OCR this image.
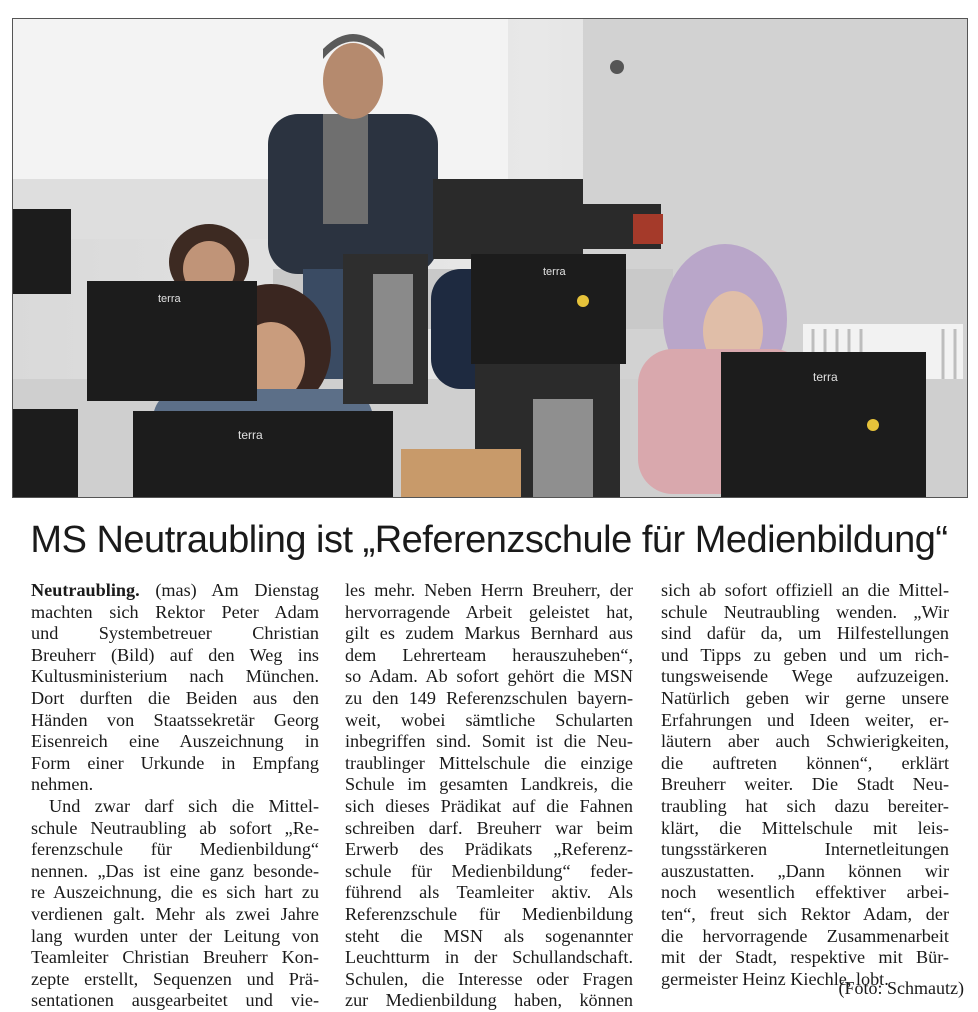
terra
terra
terra
terra
MS Neutraubling ist „Referenzschule für Medienbildung“
Neutraubling. (mas) Am Dienstag
machten sich Rektor Peter Adam
und Systembetreuer Christian
Breuherr (Bild) auf den Weg ins
Kultusministerium nach München.
Dort durften die Beiden aus den
Händen von Staatssekretär Georg
Eisenreich eine Auszeichnung in
Form einer Urkunde in Empfang
nehmen.
Und zwar darf sich die Mittel-
schule Neutraubling ab sofort „Re-
ferenzschule für Medienbildung“
nennen. „Das ist eine ganz besonde-
re Auszeichnung, die es sich hart zu
verdienen galt. Mehr als zwei Jahre
lang wurden unter der Leitung von
Teamleiter Christian Breuherr Kon-
zepte erstellt, Sequenzen und Prä-
sentationen ausgearbeitet und vie-
les mehr. Neben Herrn Breuherr, der
hervorragende Arbeit geleistet hat,
gilt es zudem Markus Bernhard aus
dem Lehrerteam herauszuheben“,
so Adam. Ab sofort gehört die MSN
zu den 149 Referenzschulen bayern-
weit, wobei sämtliche Schularten
inbegriffen sind. Somit ist die Neu-
traublinger Mittelschule die einzige
Schule im gesamten Landkreis, die
sich dieses Prädikat auf die Fahnen
schreiben darf. Breuherr war beim
Erwerb des Prädikats „Referenz-
schule für Medienbildung“ feder-
führend als Teamleiter aktiv. Als
Referenzschule für Medienbildung
steht die MSN als sogenannter
Leuchtturm in der Schullandschaft.
Schulen, die Interesse oder Fragen
zur Medienbildung haben, können
sich ab sofort offiziell an die Mittel-
schule Neutraubling wenden. „Wir
sind dafür da, um Hilfestellungen
und Tipps zu geben und um rich-
tungsweisende Wege aufzuzeigen.
Natürlich geben wir gerne unsere
Erfahrungen und Ideen weiter, er-
läutern aber auch Schwierigkeiten,
die auftreten können“, erklärt
Breuherr weiter. Die Stadt Neu-
traubling hat sich dazu bereiter-
klärt, die Mittelschule mit leis-
tungsstärkeren Internetleitungen
auszustatten. „Dann können wir
noch wesentlich effektiver arbei-
ten“, freut sich Rektor Adam, der
die hervorragende Zusammenarbeit
mit der Stadt, respektive mit Bür-
germeister Heinz Kiechle, lobt.
(Foto: Schmautz)
